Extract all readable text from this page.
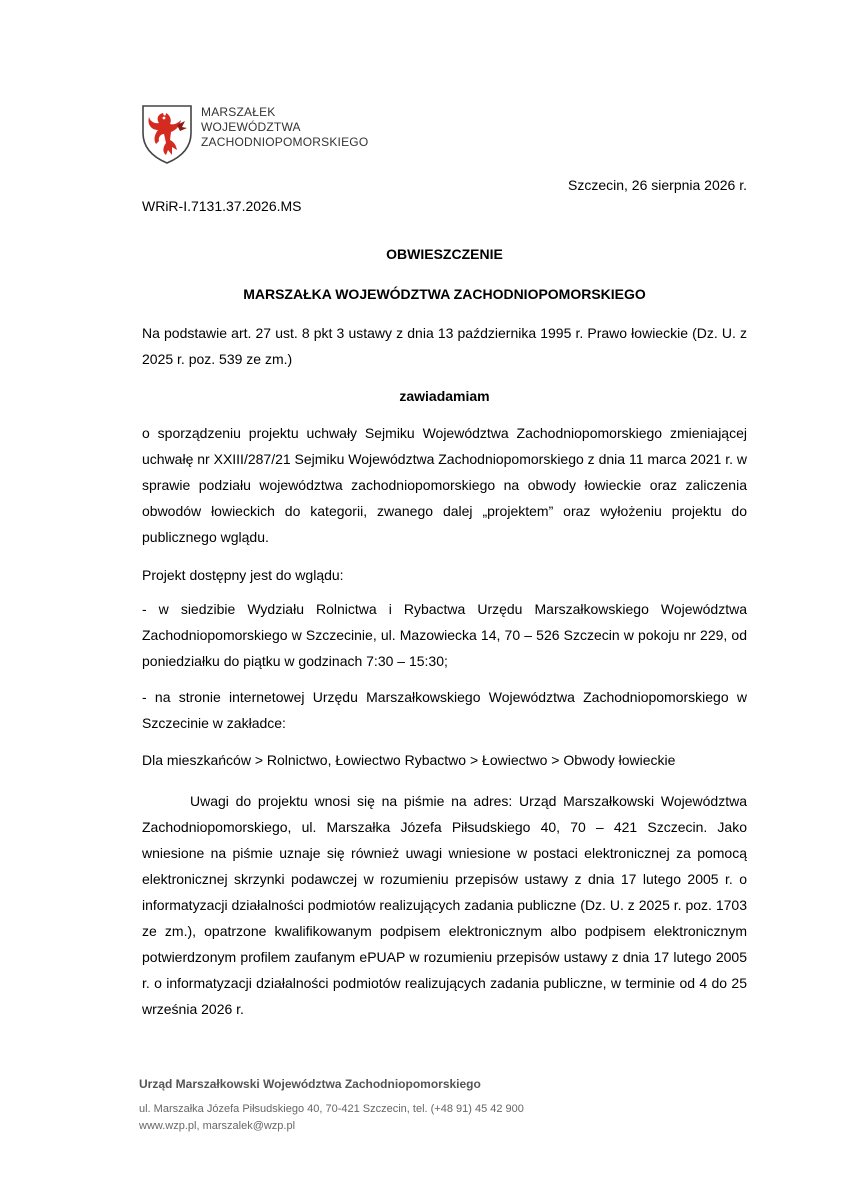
MARSZAŁEK
WOJEWÓDZTWA
ZACHODNIOPOMORSKIEGO
Szczecin, 26 sierpnia 2026 r.
WRiR-I.7131.37.2026.MS
OBWIESZCZENIE
MARSZAŁKA WOJEWÓDZTWA ZACHODNIOPOMORSKIEGO
Na podstawie art. 27 ust. 8 pkt 3 ustawy z dnia 13 października 1995 r. Prawo łowieckie (Dz. U. z 2025 r. poz. 539 ze zm.)
zawiadamiam
o sporządzeniu projektu uchwały Sejmiku Województwa Zachodniopomorskiego zmieniającej uchwałę nr XXIII/287/21 Sejmiku Województwa Zachodniopomorskiego z dnia 11 marca 2021 r. w sprawie podziału województwa zachodniopomorskiego na obwody łowieckie oraz zaliczenia obwodów łowieckich do kategorii, zwanego dalej „projektem” oraz wyłożeniu projektu do publicznego wglądu.
Projekt dostępny jest do wglądu:
- w siedzibie Wydziału Rolnictwa i Rybactwa Urzędu Marszałkowskiego Województwa Zachodniopomorskiego w Szczecinie, ul. Mazowiecka 14, 70 – 526 Szczecin w pokoju nr 229, od poniedziałku do piątku w godzinach 7:30 – 15:30;
- na stronie internetowej Urzędu Marszałkowskiego Województwa Zachodniopomorskiego w Szczecinie w zakładce:
Dla mieszkańców > Rolnictwo, Łowiectwo Rybactwo > Łowiectwo > Obwody łowieckie
Uwagi do projektu wnosi się na piśmie na adres: Urząd Marszałkowski Województwa Zachodniopomorskiego, ul. Marszałka Józefa Piłsudskiego 40, 70 – 421 Szczecin. Jako wniesione na piśmie uznaje się również uwagi wniesione w postaci elektronicznej za pomocą elektronicznej skrzynki podawczej w rozumieniu przepisów ustawy z dnia 17 lutego 2005 r. o informatyzacji działalności podmiotów realizujących zadania publiczne (Dz. U. z 2025 r. poz. 1703 ze zm.), opatrzone kwalifikowanym podpisem elektronicznym albo podpisem elektronicznym potwierdzonym profilem zaufanym ePUAP w rozumieniu przepisów ustawy z dnia 17 lutego 2005 r. o informatyzacji działalności podmiotów realizujących zadania publiczne, w terminie od 4 do 25 września 2026 r.
Urząd Marszałkowski Województwa Zachodniopomorskiego
ul. Marszałka Józefa Piłsudskiego 40, 70-421 Szczecin, tel. (+48 91) 45 42 900
www.wzp.pl, marszalek@wzp.pl
